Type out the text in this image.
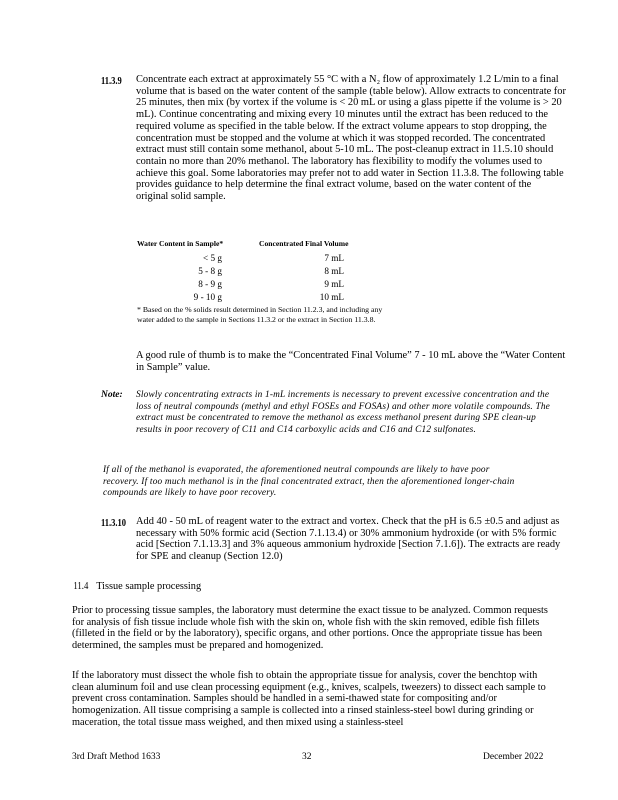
11.3.9 Concentrate each extract at approximately 55 °C with a N₂ flow of approximately 1.2 L/min to a final volume that is based on the water content of the sample (table below). Allow extracts to concentrate for 25 minutes, then mix (by vortex if the volume is < 20 mL or using a glass pipette if the volume is > 20 mL). Continue concentrating and mixing every 10 minutes until the extract has been reduced to the required volume as specified in the table below. If the extract volume appears to stop dropping, the concentration must be stopped and the volume at which it was stopped recorded. The concentrated extract must still contain some methanol, about 5-10 mL. The post-cleanup extract in 11.5.10 should contain no more than 20% methanol. The laboratory has flexibility to modify the volumes used to achieve this goal. Some laboratories may prefer not to add water in Section 11.3.8. The following table provides guidance to help determine the final extract volume, based on the water content of the original solid sample.
Water Content in Sample*	Concentrated Final Volume
< 5 g	7 mL
5 - 8 g	8 mL
8 - 9 g	9 mL
9 - 10 g	10 mL
* Based on the % solids result determined in Section 11.2.3, and including any water added to the sample in Sections 11.3.2 or the extract in Section 11.3.8.
A good rule of thumb is to make the “Concentrated Final Volume” 7 - 10 mL above the “Water Content in Sample” value.
Note: Slowly concentrating extracts in 1-mL increments is necessary to prevent excessive concentration and the loss of neutral compounds (methyl and ethyl FOSEs and FOSAs) and other more volatile compounds. The extract must be concentrated to remove the methanol as excess methanol present during SPE clean-up results in poor recovery of C11 and C14 carboxylic acids and C16 and C12 sulfonates.
If all of the methanol is evaporated, the aforementioned neutral compounds are likely to have poor recovery. If too much methanol is in the final concentrated extract, then the aforementioned longer-chain compounds are likely to have poor recovery.
11.3.10 Add 40 - 50 mL of reagent water to the extract and vortex. Check that the pH is 6.5 ±0.5 and adjust as necessary with 50% formic acid (Section 7.1.13.4) or 30% ammonium hydroxide (or with 5% formic acid [Section 7.1.13.3] and 3% aqueous ammonium hydroxide [Section 7.1.6]). The extracts are ready for SPE and cleanup (Section 12.0)
11.4 Tissue sample processing
Prior to processing tissue samples, the laboratory must determine the exact tissue to be analyzed. Common requests for analysis of fish tissue include whole fish with the skin on, whole fish with the skin removed, edible fish fillets (filleted in the field or by the laboratory), specific organs, and other portions. Once the appropriate tissue has been determined, the samples must be prepared and homogenized.
If the laboratory must dissect the whole fish to obtain the appropriate tissue for analysis, cover the benchtop with clean aluminum foil and use clean processing equipment (e.g., knives, scalpels, tweezers) to dissect each sample to prevent cross contamination. Samples should be handled in a semi-thawed state for compositing and/or homogenization. All tissue comprising a sample is collected into a rinsed stainless-steel bowl during grinding or maceration, the total tissue mass weighed, and then mixed using a stainless-steel
3rd Draft Method 1633	32	December 2022
